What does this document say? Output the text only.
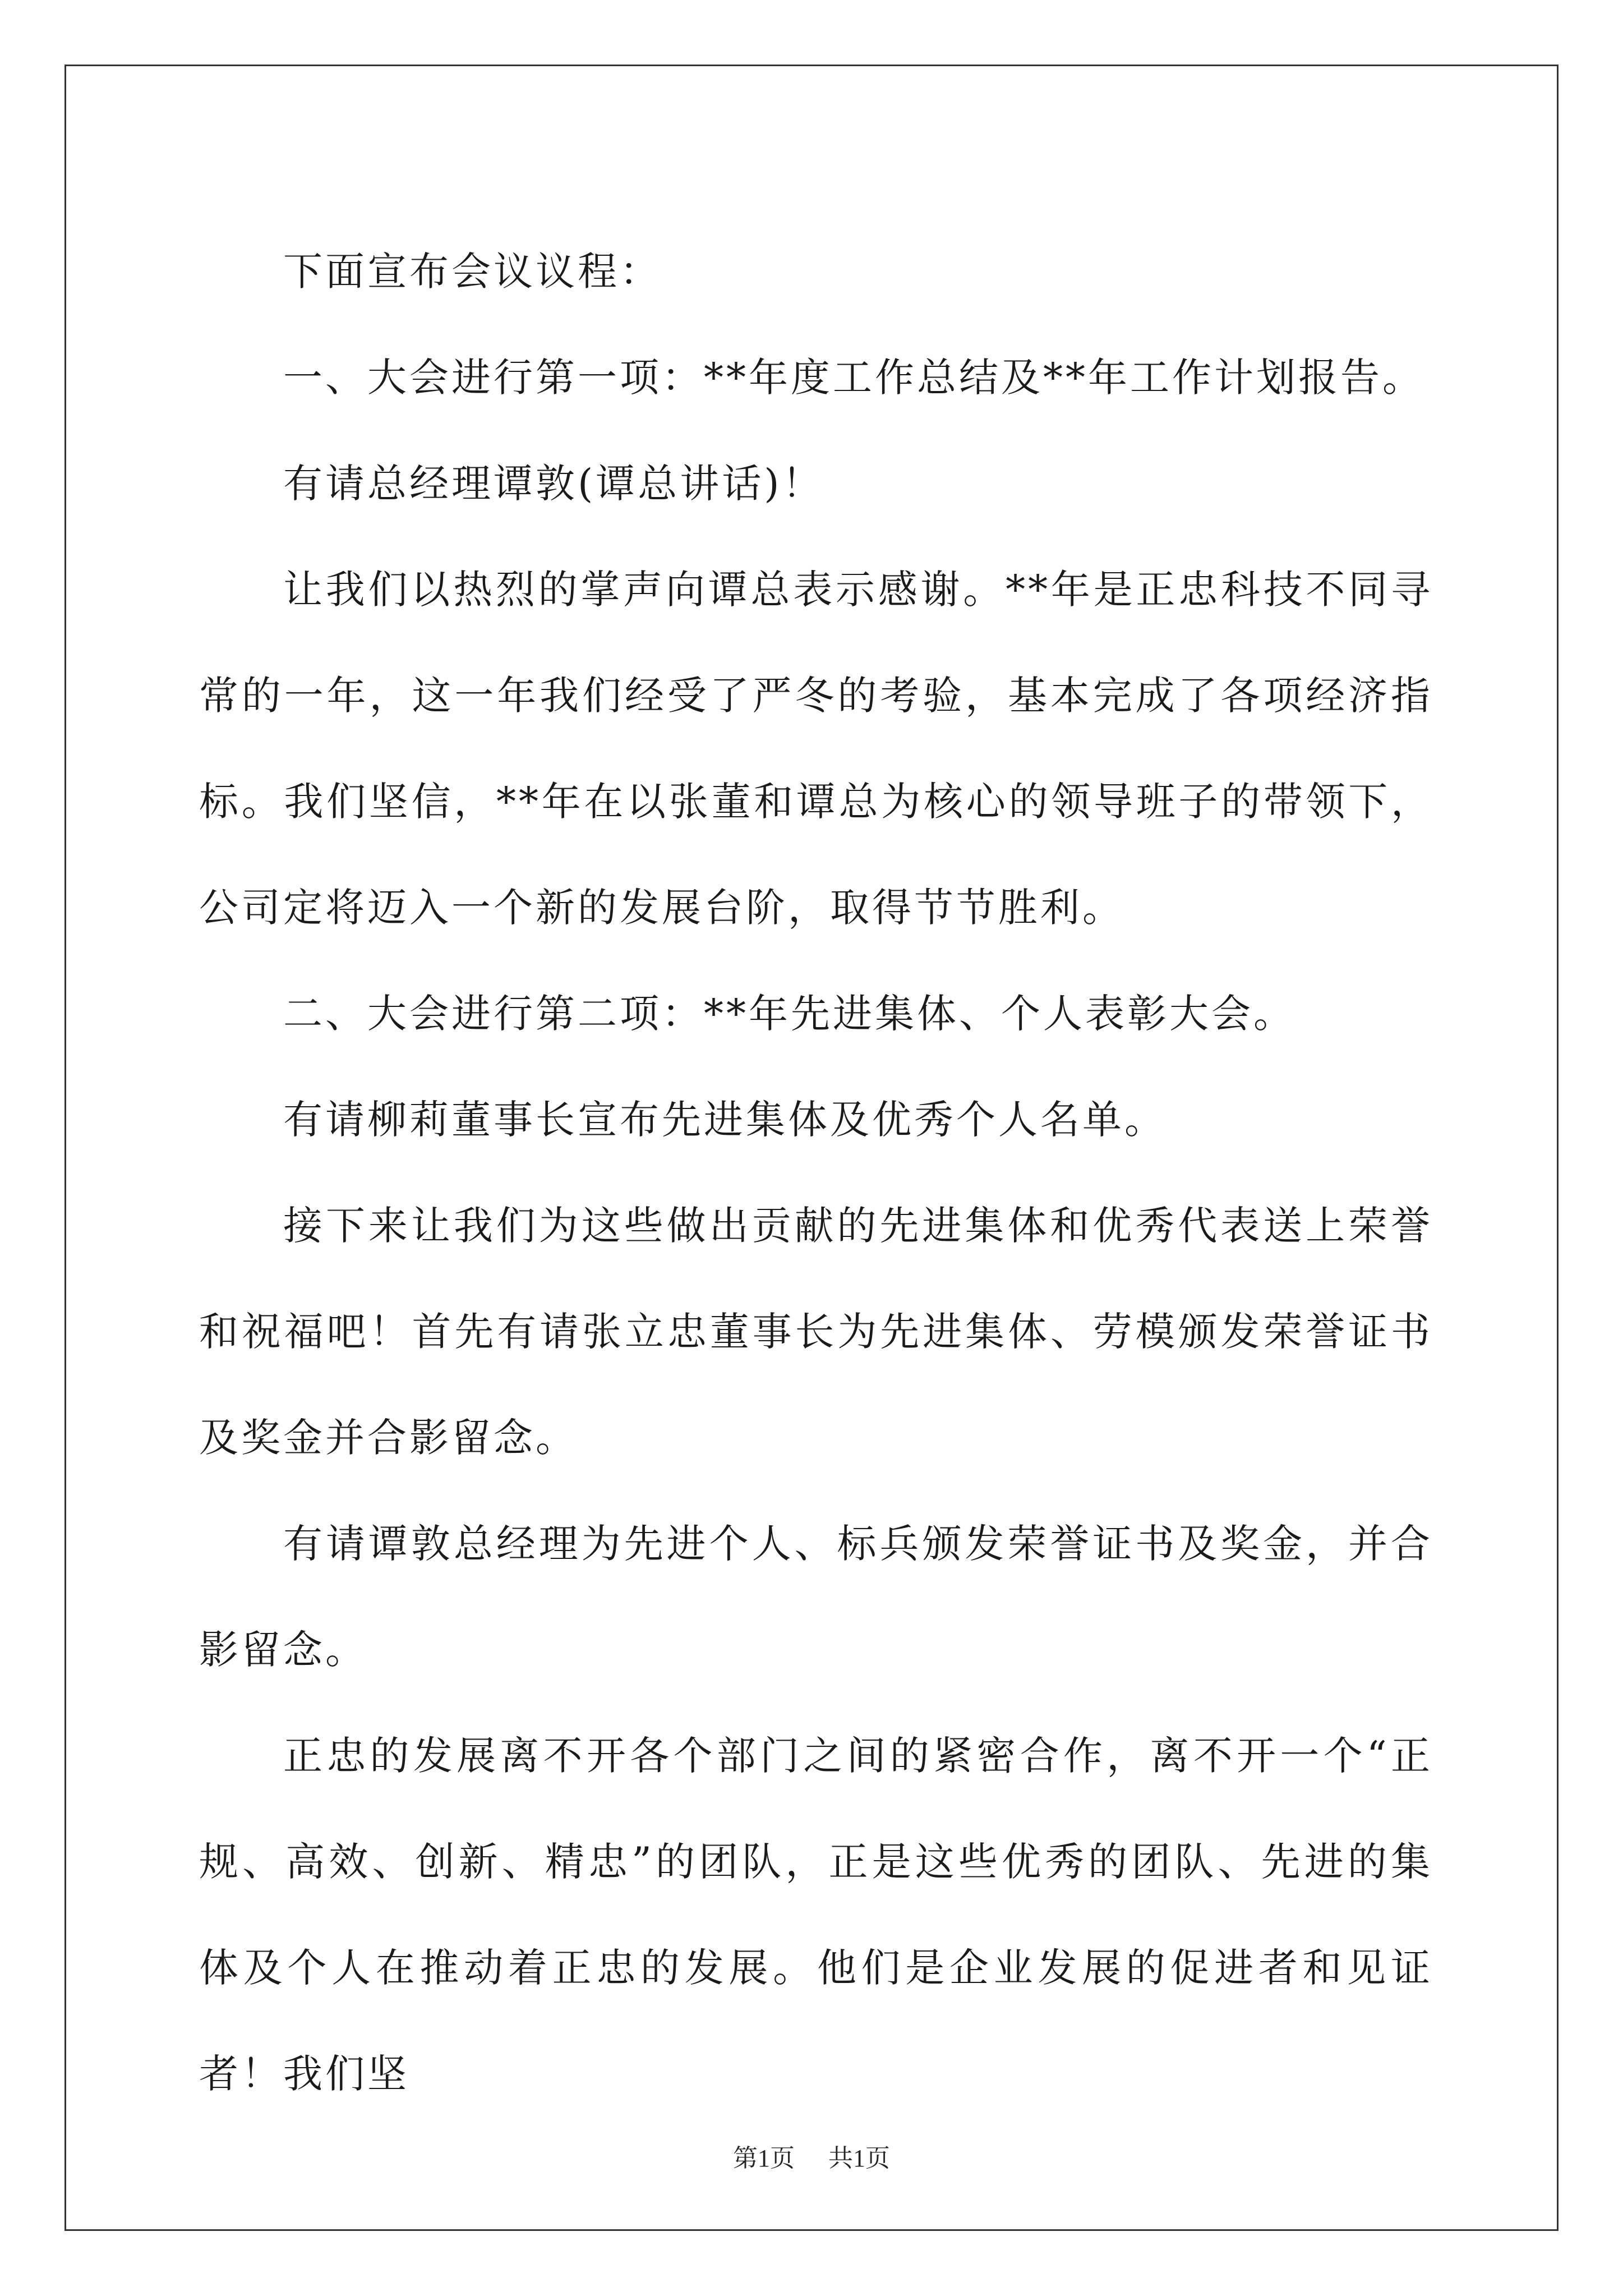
下面宣布会议议程：

一、大会进行第一项：**年度工作总结及**年工作计划报告。

有请总经理谭敦(谭总讲话)！

让我们以热烈的掌声向谭总表示感谢。**年是正忠科技不同寻常的一年，这一年我们经受了严冬的考验，基本完成了各项经济指标。我们坚信，**年在以张董和谭总为核心的领导班子的带领下，公司定将迈入一个新的发展台阶，取得节节胜利。

二、大会进行第二项：**年先进集体、个人表彰大会。

有请柳莉董事长宣布先进集体及优秀个人名单。

接下来让我们为这些做出贡献的先进集体和优秀代表送上荣誉和祝福吧！首先有请张立忠董事长为先进集体、劳模颁发荣誉证书及奖金并合影留念。

有请谭敦总经理为先进个人、标兵颁发荣誉证书及奖金，并合影留念。

正忠的发展离不开各个部门之间的紧密合作，离不开一个“正规、高效、创新、精忠”的团队，正是这些优秀的团队、先进的集体及个人在推动着正忠的发展。他们是企业发展的促进者和见证者！我们坚

第1页 共1页
